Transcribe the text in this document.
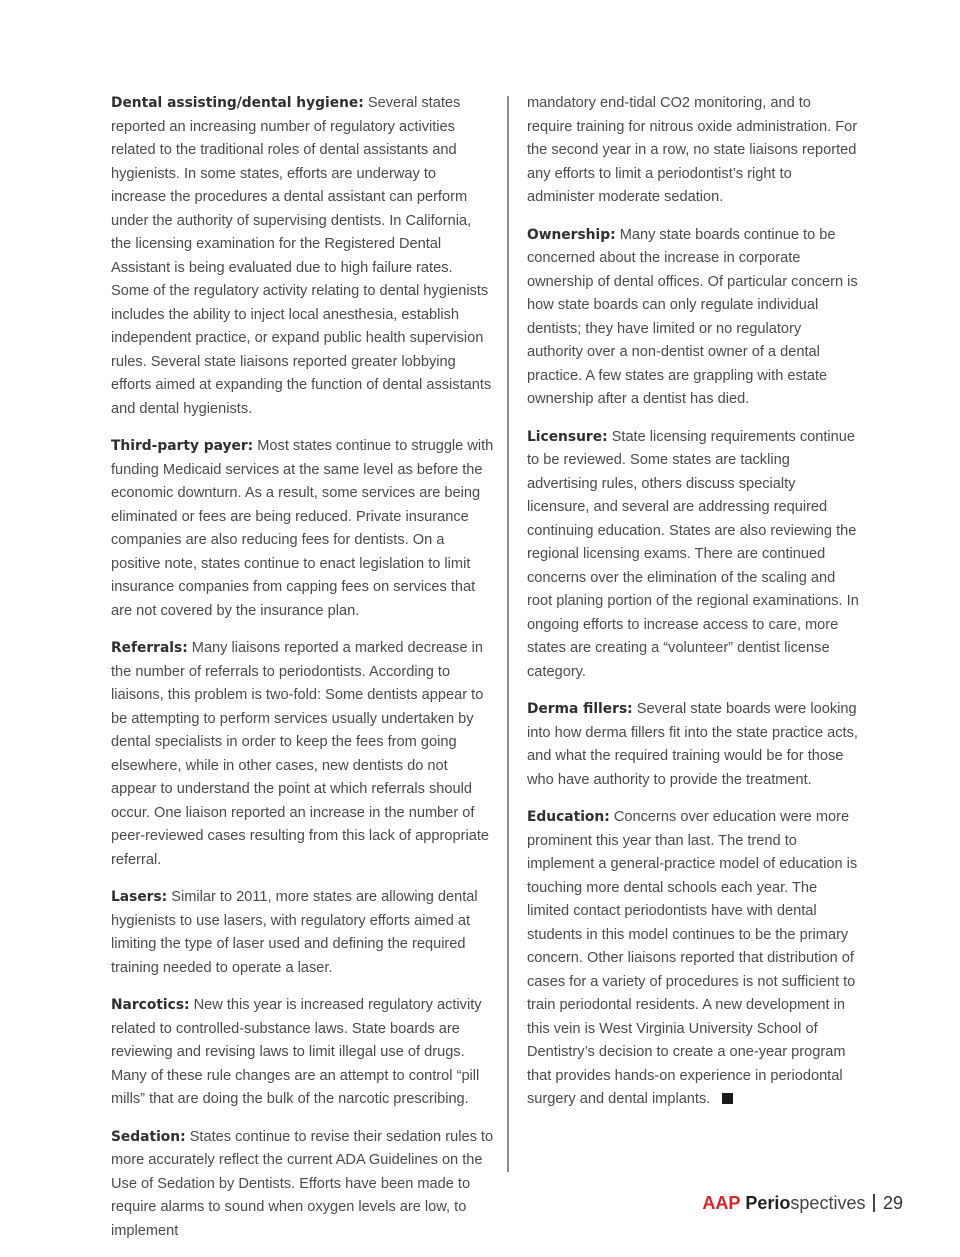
Dental assisting/dental hygiene: Several states reported an increasing number of regulatory activities related to the traditional roles of dental assistants and hygienists. In some states, efforts are underway to increase the procedures a dental assistant can perform under the authority of supervising dentists. In California, the licensing examination for the Registered Dental Assistant is being evaluated due to high failure rates. Some of the regulatory activity relating to dental hygienists includes the ability to inject local anesthesia, establish independent practice, or expand public health supervision rules. Several state liaisons reported greater lobbying efforts aimed at expanding the function of dental assistants and dental hygienists.

Third-party payer: Most states continue to struggle with funding Medicaid services at the same level as before the economic downturn. As a result, some services are being eliminated or fees are being reduced. Private insurance companies are also reducing fees for dentists. On a positive note, states continue to enact legislation to limit insurance companies from capping fees on services that are not covered by the insurance plan.

Referrals: Many liaisons reported a marked decrease in the number of referrals to periodontists. According to liaisons, this problem is two-fold: Some dentists appear to be attempting to perform services usually undertaken by dental specialists in order to keep the fees from going elsewhere, while in other cases, new dentists do not appear to understand the point at which referrals should occur. One liaison reported an increase in the number of peer-reviewed cases resulting from this lack of appropriate referral.

Lasers: Similar to 2011, more states are allowing dental hygienists to use lasers, with regulatory efforts aimed at limiting the type of laser used and defining the required training needed to operate a laser.

Narcotics: New this year is increased regulatory activity related to controlled-substance laws. State boards are reviewing and revising laws to limit illegal use of drugs. Many of these rule changes are an attempt to control “pill mills” that are doing the bulk of the narcotic prescribing.

Sedation: States continue to revise their sedation rules to more accurately reflect the current ADA Guidelines on the Use of Sedation by Dentists. Efforts have been made to require alarms to sound when oxygen levels are low, to implement

mandatory end-tidal CO2 monitoring, and to require training for nitrous oxide administration. For the second year in a row, no state liaisons reported any efforts to limit a periodontist’s right to administer moderate sedation.

Ownership: Many state boards continue to be concerned about the increase in corporate ownership of dental offices. Of particular concern is how state boards can only regulate individual dentists; they have limited or no regulatory authority over a non-dentist owner of a dental practice. A few states are grappling with estate ownership after a dentist has died.

Licensure: State licensing requirements continue to be reviewed. Some states are tackling advertising rules, others discuss specialty licensure, and several are addressing required continuing education. States are also reviewing the regional licensing exams. There are continued concerns over the elimination of the scaling and root planing portion of the regional examinations. In ongoing efforts to increase access to care, more states are creating a “volunteer” dentist license category.

Derma fillers: Several state boards were looking into how derma fillers fit into the state practice acts, and what the required training would be for those who have authority to provide the treatment.

Education: Concerns over education were more prominent this year than last. The trend to implement a general-practice model of education is touching more dental schools each year. The limited contact periodontists have with dental students in this model continues to be the primary concern. Other liaisons reported that distribution of cases for a variety of procedures is not sufficient to train periodontal residents. A new development in this vein is West Virginia University School of Dentistry’s decision to create a one-year program that provides hands-on experience in periodontal surgery and dental implants.

AAP Periospectives 29
